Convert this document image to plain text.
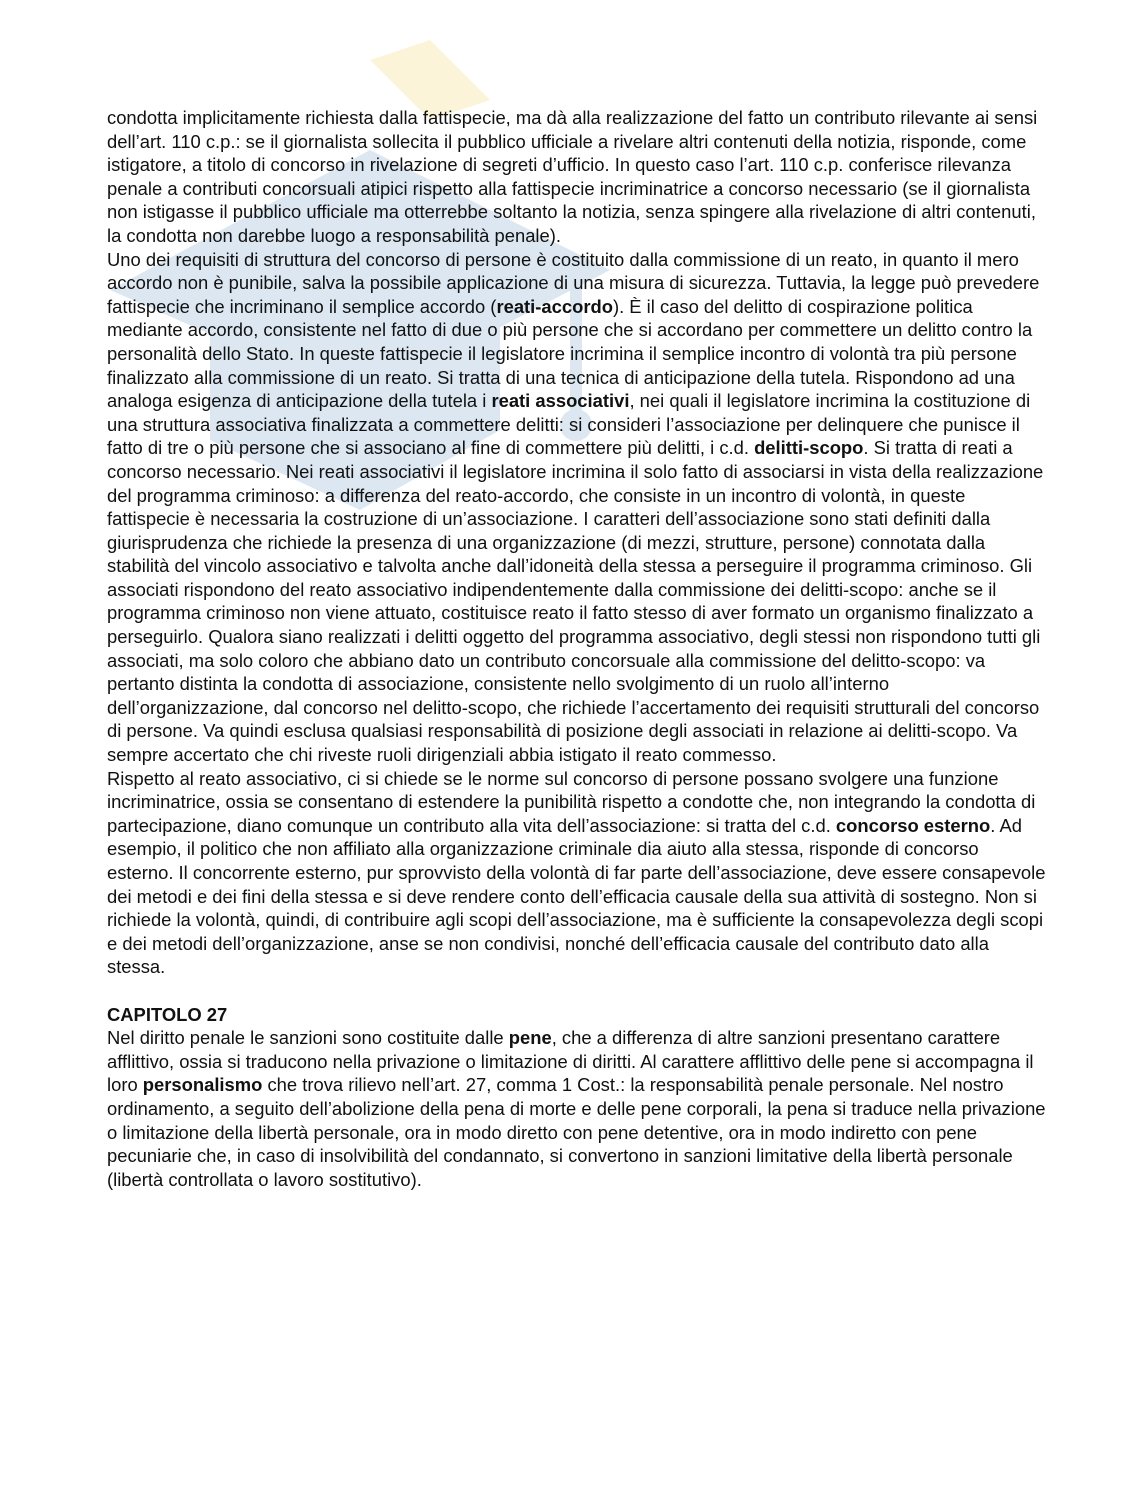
condotta implicitamente richiesta dalla fattispecie, ma dà alla realizzazione del fatto un contributo rilevante ai sensi dell’art. 110 c.p.: se il giornalista sollecita il pubblico ufficiale a rivelare altri contenuti della notizia, risponde, come istigatore, a titolo di concorso in rivelazione di segreti d’ufficio. In questo caso l’art. 110 c.p. conferisce rilevanza penale a contributi concorsuali atipici rispetto alla fattispecie incriminatrice a concorso necessario (se il giornalista non istigasse il pubblico ufficiale ma otterrebbe soltanto la notizia, senza spingere alla rivelazione di altri contenuti, la condotta non darebbe luogo a responsabilità penale).

Uno dei requisiti di struttura del concorso di persone è costituito dalla commissione di un reato, in quanto il mero accordo non è punibile, salva la possibile applicazione di una misura di sicurezza. Tuttavia, la legge può prevedere fattispecie che incriminano il semplice accordo (reati-accordo). È il caso del delitto di cospirazione politica mediante accordo, consistente nel fatto di due o più persone che si accordano per commettere un delitto contro la personalità dello Stato. In queste fattispecie il legislatore incrimina il semplice incontro di volontà tra più persone finalizzato alla commissione di un reato. Si tratta di una tecnica di anticipazione della tutela. Rispondono ad una analoga esigenza di anticipazione della tutela i reati associativi, nei quali il legislatore incrimina la costituzione di una struttura associativa finalizzata a commettere delitti: si consideri l’associazione per delinquere che punisce il fatto di tre o più persone che si associano al fine di commettere più delitti, i c.d. delitti-scopo. Si tratta di reati a concorso necessario. Nei reati associativi il legislatore incrimina il solo fatto di associarsi in vista della realizzazione del programma criminoso: a differenza del reato-accordo, che consiste in un incontro di volontà, in queste fattispecie è necessaria la costruzione di un’associazione. I caratteri dell’associazione sono stati definiti dalla giurisprudenza che richiede la presenza di una organizzazione (di mezzi, strutture, persone) connotata dalla stabilità del vincolo associativo e talvolta anche dall’idoneità della stessa a perseguire il programma criminoso. Gli associati rispondono del reato associativo indipendentemente dalla commissione dei delitti-scopo: anche se il programma criminoso non viene attuato, costituisce reato il fatto stesso di aver formato un organismo finalizzato a perseguirlo. Qualora siano realizzati i delitti oggetto del programma associativo, degli stessi non rispondono tutti gli associati, ma solo coloro che abbiano dato un contributo concorsuale alla commissione del delitto-scopo: va pertanto distinta la condotta di associazione, consistente nello svolgimento di un ruolo all’interno dell’organizzazione, dal concorso nel delitto-scopo, che richiede l’accertamento dei requisiti strutturali del concorso di persone. Va quindi esclusa qualsiasi responsabilità di posizione degli associati in relazione ai delitti-scopo. Va sempre accertato che chi riveste ruoli dirigenziali abbia istigato il reato commesso.

Rispetto al reato associativo, ci si chiede se le norme sul concorso di persone possano svolgere una funzione incriminatrice, ossia se consentano di estendere la punibilità rispetto a condotte che, non integrando la condotta di partecipazione, diano comunque un contributo alla vita dell’associazione: si tratta del c.d. concorso esterno. Ad esempio, il politico che non affiliato alla organizzazione criminale dia aiuto alla stessa, risponde di concorso esterno. Il concorrente esterno, pur sprovvisto della volontà di far parte dell’associazione, deve essere consapevole dei metodi e dei fini della stessa e si deve rendere conto dell’efficacia causale della sua attività di sostegno. Non si richiede la volontà, quindi, di contribuire agli scopi dell’associazione, ma è sufficiente la consapevolezza degli scopi e dei metodi dell’organizzazione, anse se non condivisi, nonché dell’efficacia causale del contributo dato alla stessa.

CAPITOLO 27

Nel diritto penale le sanzioni sono costituite dalle pene, che a differenza di altre sanzioni presentano carattere afflittivo, ossia si traducono nella privazione o limitazione di diritti. Al carattere afflittivo delle pene si accompagna il loro personalismo che trova rilievo nell’art. 27, comma 1 Cost.: la responsabilità penale personale. Nel nostro ordinamento, a seguito dell’abolizione della pena di morte e delle pene corporali, la pena si traduce nella privazione o limitazione della libertà personale, ora in modo diretto con pene detentive, ora in modo indiretto con pene pecuniarie che, in caso di insolvibilità del condannato, si convertono in sanzioni limitative della libertà personale (libertà controllata o lavoro sostitutivo).
